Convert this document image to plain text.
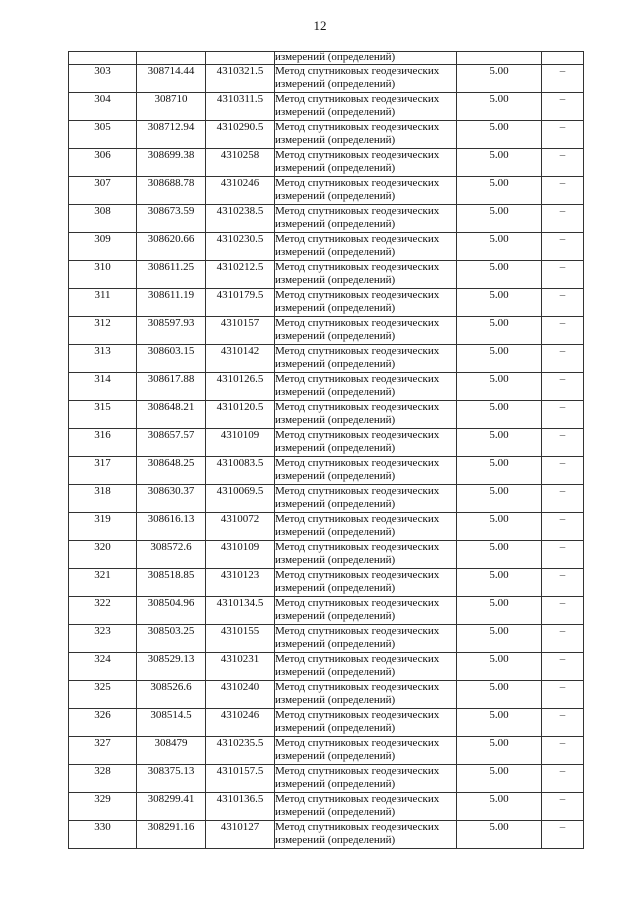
12
			измерений (определений)		
303	308714.44	4310321.5	Метод спутниковых геодезических
измерений (определений)	5.00	–
304	308710	4310311.5	Метод спутниковых геодезических
измерений (определений)	5.00	–
305	308712.94	4310290.5	Метод спутниковых геодезических
измерений (определений)	5.00	–
306	308699.38	4310258	Метод спутниковых геодезических
измерений (определений)	5.00	–
307	308688.78	4310246	Метод спутниковых геодезических
измерений (определений)	5.00	–
308	308673.59	4310238.5	Метод спутниковых геодезических
измерений (определений)	5.00	–
309	308620.66	4310230.5	Метод спутниковых геодезических
измерений (определений)	5.00	–
310	308611.25	4310212.5	Метод спутниковых геодезических
измерений (определений)	5.00	–
311	308611.19	4310179.5	Метод спутниковых геодезических
измерений (определений)	5.00	–
312	308597.93	4310157	Метод спутниковых геодезических
измерений (определений)	5.00	–
313	308603.15	4310142	Метод спутниковых геодезических
измерений (определений)	5.00	–
314	308617.88	4310126.5	Метод спутниковых геодезических
измерений (определений)	5.00	–
315	308648.21	4310120.5	Метод спутниковых геодезических
измерений (определений)	5.00	–
316	308657.57	4310109	Метод спутниковых геодезических
измерений (определений)	5.00	–
317	308648.25	4310083.5	Метод спутниковых геодезических
измерений (определений)	5.00	–
318	308630.37	4310069.5	Метод спутниковых геодезических
измерений (определений)	5.00	–
319	308616.13	4310072	Метод спутниковых геодезических
измерений (определений)	5.00	–
320	308572.6	4310109	Метод спутниковых геодезических
измерений (определений)	5.00	–
321	308518.85	4310123	Метод спутниковых геодезических
измерений (определений)	5.00	–
322	308504.96	4310134.5	Метод спутниковых геодезических
измерений (определений)	5.00	–
323	308503.25	4310155	Метод спутниковых геодезических
измерений (определений)	5.00	–
324	308529.13	4310231	Метод спутниковых геодезических
измерений (определений)	5.00	–
325	308526.6	4310240	Метод спутниковых геодезических
измерений (определений)	5.00	–
326	308514.5	4310246	Метод спутниковых геодезических
измерений (определений)	5.00	–
327	308479	4310235.5	Метод спутниковых геодезических
измерений (определений)	5.00	–
328	308375.13	4310157.5	Метод спутниковых геодезических
измерений (определений)	5.00	–
329	308299.41	4310136.5	Метод спутниковых геодезических
измерений (определений)	5.00	–
330	308291.16	4310127	Метод спутниковых геодезических
измерений (определений)	5.00	–
